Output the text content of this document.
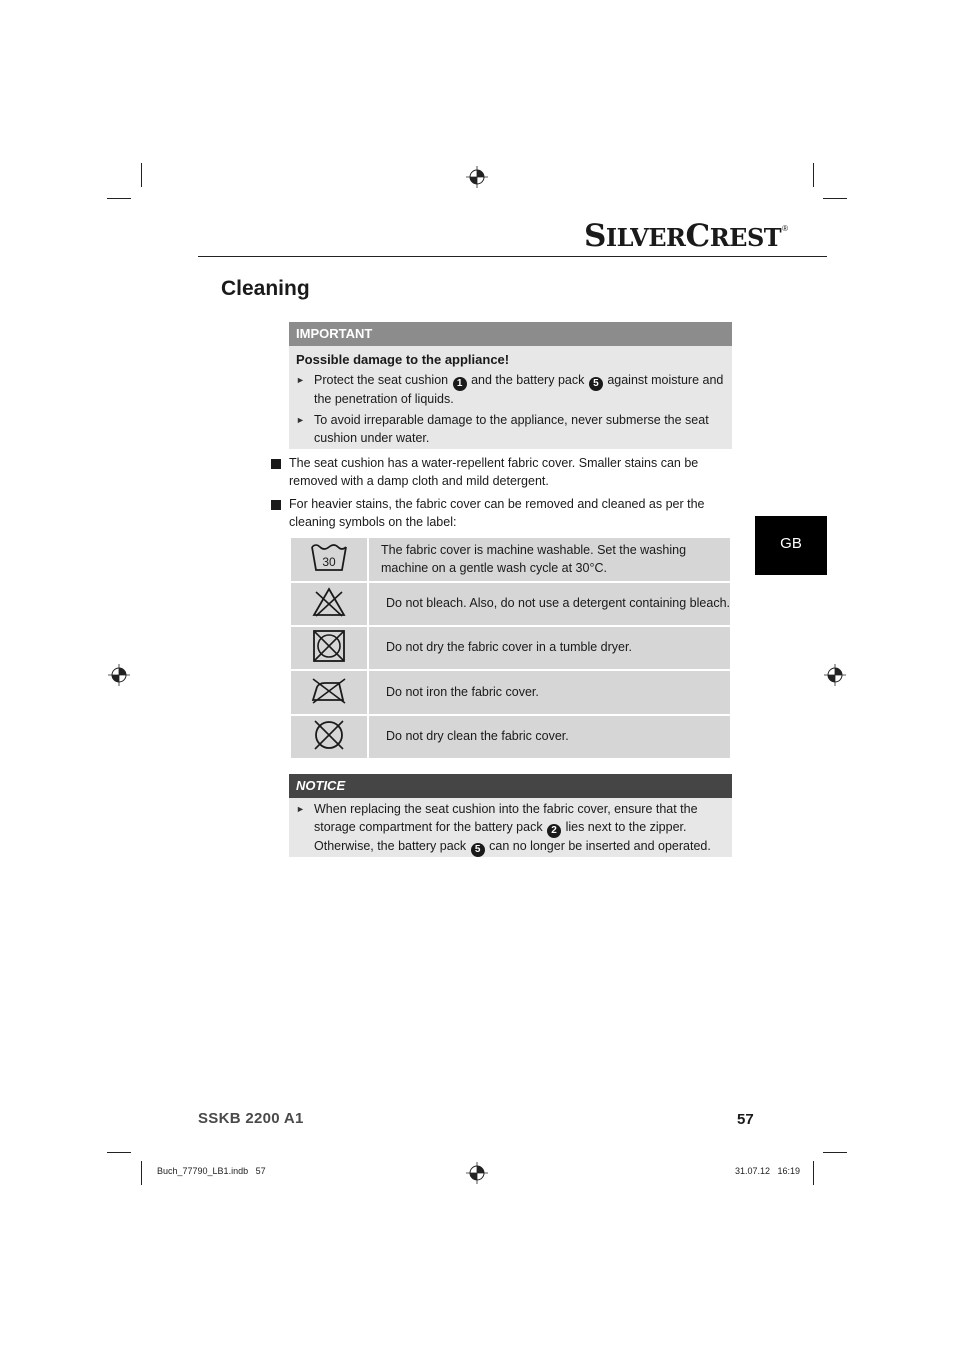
SILVERCREST®
Cleaning
GB
IMPORTANT
Possible damage to the appliance!
► Protect the seat cushion 1 and the battery pack 5 against moisture and the penetration of liquids.
► To avoid irreparable damage to the appliance, never submerse the seat cushion under water.
The seat cushion has a water-repellent fabric cover. Smaller stains can be removed with a damp cloth and mild detergent.
For heavier stains, the fabric cover can be removed and cleaned as per the cleaning symbols on the label:
30	The fabric cover is machine washable. Set the washing machine on a gentle wash cycle at 30°C.
	Do not bleach. Also, do not use a detergent containing bleach.
	Do not dry the fabric cover in a tumble dryer.
	Do not iron the fabric cover.
	Do not dry clean the fabric cover.
NOTICE
► When replacing the seat cushion into the fabric cover, ensure that the storage compartment for the battery pack 2 lies next to the zipper. Otherwise, the battery pack 5 can no longer be inserted and operated.
SSKB 2200 A1	57
Buch_77790_LB1.indb   57	31.07.12   16:19
